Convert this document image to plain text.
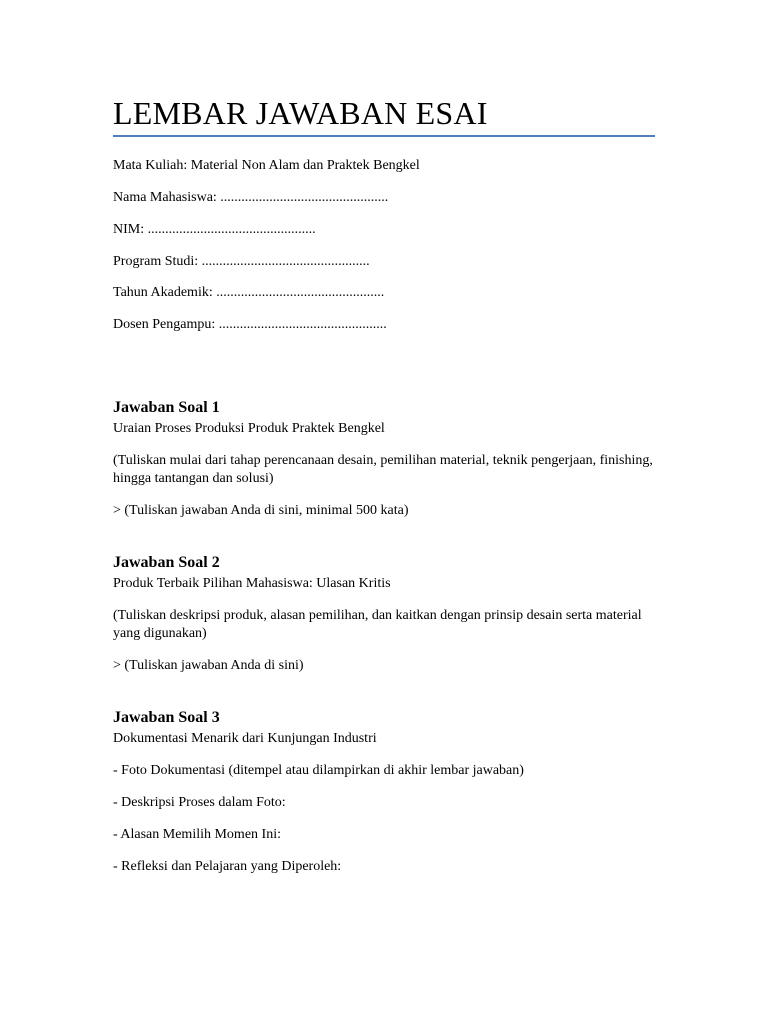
LEMBAR JAWABAN ESAI
Mata Kuliah: Material Non Alam dan Praktek Bengkel
Nama Mahasiswa: ................................................
NIM: ................................................
Program Studi: ................................................
Tahun Akademik: ................................................
Dosen Pengampu: ................................................
Jawaban Soal 1
Uraian Proses Produksi Produk Praktek Bengkel
(Tuliskan mulai dari tahap perencanaan desain, pemilihan material, teknik pengerjaan, finishing, hingga tantangan dan solusi)
> (Tuliskan jawaban Anda di sini, minimal 500 kata)
Jawaban Soal 2
Produk Terbaik Pilihan Mahasiswa: Ulasan Kritis
(Tuliskan deskripsi produk, alasan pemilihan, dan kaitkan dengan prinsip desain serta material yang digunakan)
> (Tuliskan jawaban Anda di sini)
Jawaban Soal 3
Dokumentasi Menarik dari Kunjungan Industri
- Foto Dokumentasi (ditempel atau dilampirkan di akhir lembar jawaban)
- Deskripsi Proses dalam Foto:
- Alasan Memilih Momen Ini:
- Refleksi dan Pelajaran yang Diperoleh:
